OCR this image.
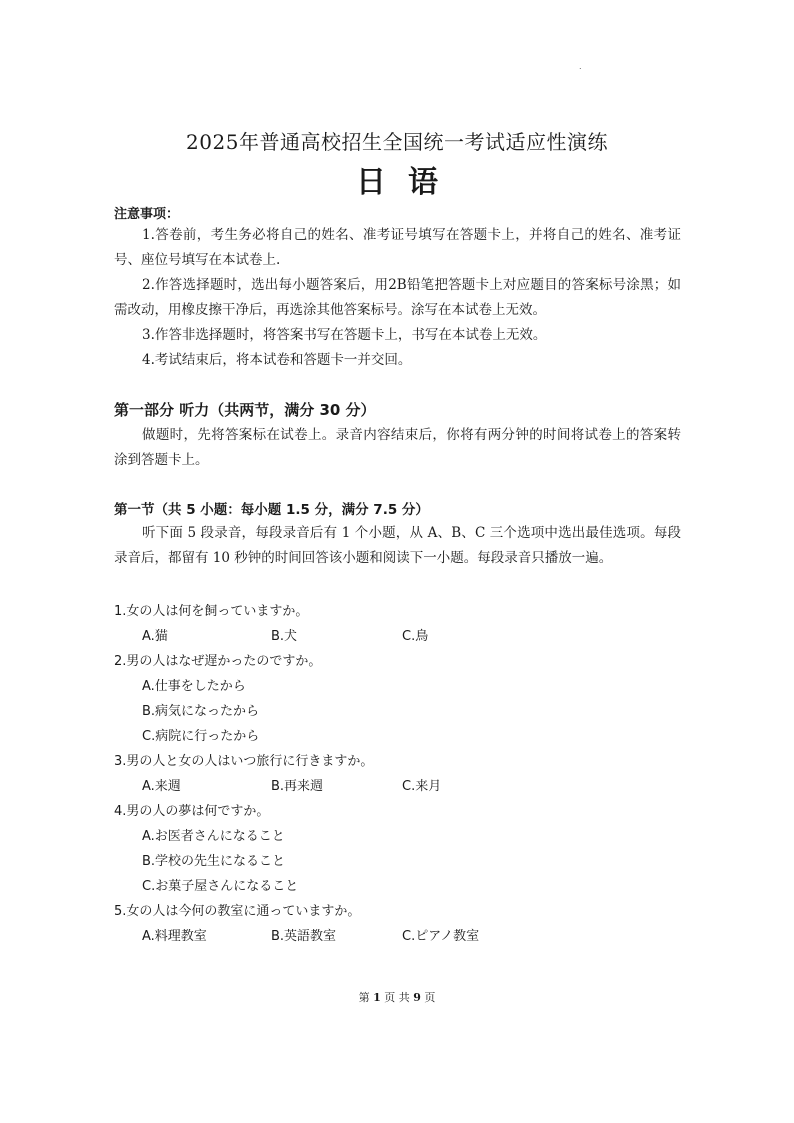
.
2025年普通高校招生全国统一考试适应性演练
日语
注意事项：
1.答卷前，考生务必将自己的姓名、准考证号填写在答题卡上，并将自己的姓名、准考证号、座位号填写在本试卷上.
2.作答选择题时，选出每小题答案后，用2B铅笔把答题卡上对应题目的答案标号涂黑；如需改动，用橡皮擦干净后，再选涂其他答案标号。涂写在本试卷上无效。
3.作答非选择题时，将答案书写在答题卡上，书写在本试卷上无效。
4.考试结束后，将本试卷和答题卡一并交回。
第一部分 听力（共两节，满分 30 分）
做题时，先将答案标在试卷上。录音内容结束后，你将有两分钟的时间将试卷上的答案转涂到答题卡上。
第一节（共 5 小题：每小题 1.5 分，满分 7.5 分）
听下面 5 段录音，每段录音后有 1 个小题，从 A、B、C 三个选项中选出最佳选项。每段录音后，都留有 10 秒钟的时间回答该小题和阅读下一小题。每段录音只播放一遍。
1.女の人は何を飼っていますか。
A.猫	B.犬	C.鳥
2.男の人はなぜ遅かったのですか。
A.仕事をしたから
B.病気になったから
C.病院に行ったから
3.男の人と女の人はいつ旅行に行きますか。
A.来週	B.再来週	C.来月
4.男の人の夢は何ですか。
A.お医者さんになること
B.学校の先生になること
C.お菓子屋さんになること
5.女の人は今何の教室に通っていますか。
A.料理教室	B.英語教室	C.ピアノ教室
第 1 页 共 9 页
